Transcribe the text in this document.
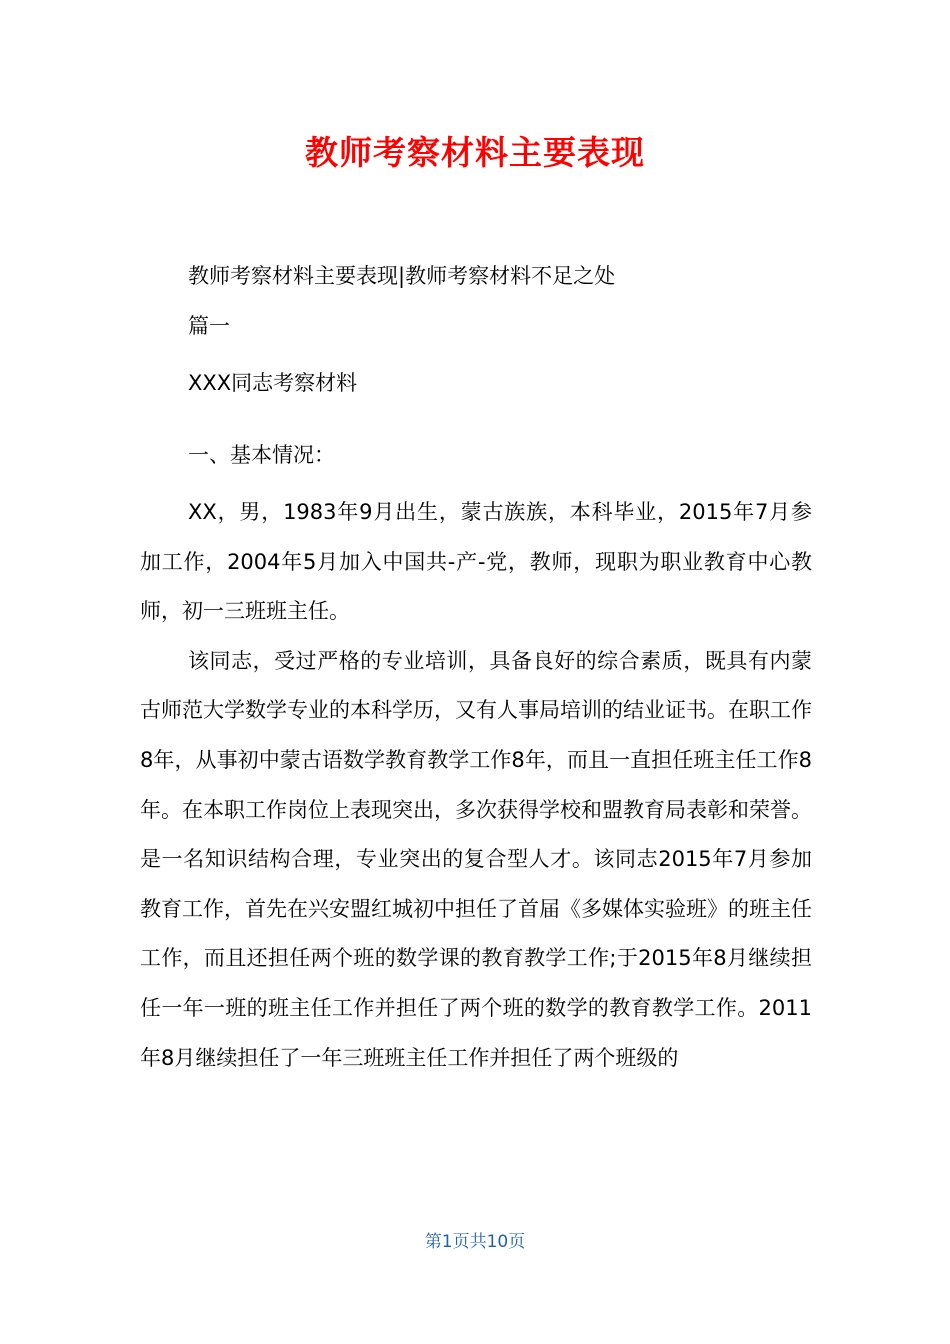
教师考察材料主要表现
教师考察材料主要表现|教师考察材料不足之处
篇一
XXX同志考察材料
一、基本情况：

XX，男，1983年9月出生，蒙古族族，本科毕业，2015年7月参加工作，2004年5月加入中国共-产-党，教师，现职为职业教育中心教师，初一三班班主任。

该同志，受过严格的专业培训，具备良好的综合素质，既具有内蒙古师范大学数学专业的本科学历，又有人事局培训的结业证书。在职工作8年，从事初中蒙古语数学教育教学工作8年，而且一直担任班主任工作8年。在本职工作岗位上表现突出，多次获得学校和盟教育局表彰和荣誉。是一名知识结构合理，专业突出的复合型人才。该同志2015年7月参加教育工作，首先在兴安盟红城初中担任了首届《多媒体实验班》的班主任工作，而且还担任两个班的数学课的教育教学工作;于2015年8月继续担任一年一班的班主任工作并担任了两个班的数学的教育教学工作。2011年8月继续担任了一年三班班主任工作并担任了两个班级的

第1页共10页
